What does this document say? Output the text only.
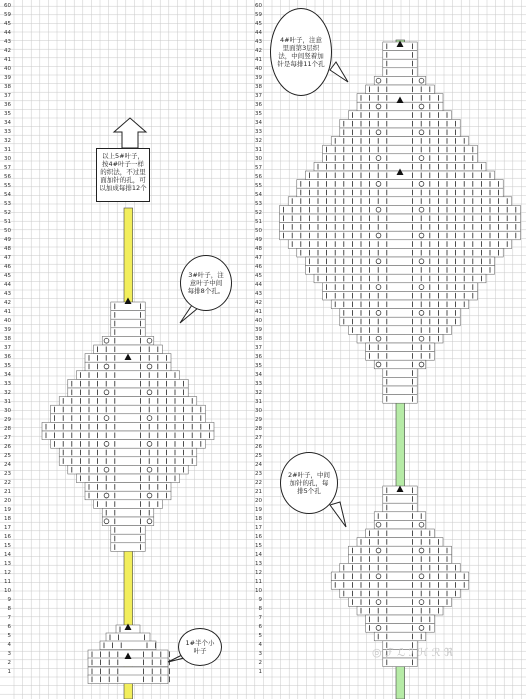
以上5#叶子，按4#叶子一样的织法，不过里面加针的孔，可以加成每排12个
3#叶子，注意叶子中间每排8个孔。
4#叶子，注意里面第3层织法，中间竖着加针是每排11个孔
2#叶子，中间加针的孔，每排5个孔
1#半个小叶子
60
59
45
44
43
42
41
40
39
38
37
36
35
34
33
32
31
30
57
56
55
54
53
52
51
50
49
48
47
46
45
44
43
42
41
40
39
38
37
36
35
34
33
32
31
30
29
28
27
26
25
24
23
22
21
20
19
18
17
16
15
14
13
12
11
10
9
8
7
6
5
4
3
2
1
60
59
45
44
43
42
41
40
39
38
37
36
35
34
33
32
31
30
57
56
55
54
53
52
51
50
49
48
47
46
45
44
43
42
41
40
39
38
37
36
35
34
33
32
31
30
29
28
27
26
25
24
23
22
21
20
19
18
17
16
15
14
13
12
11
10
9
8
7
6
5
4
3
2
1
◎ ℱ ℒ ℐ ℋ ℛ ℜ
